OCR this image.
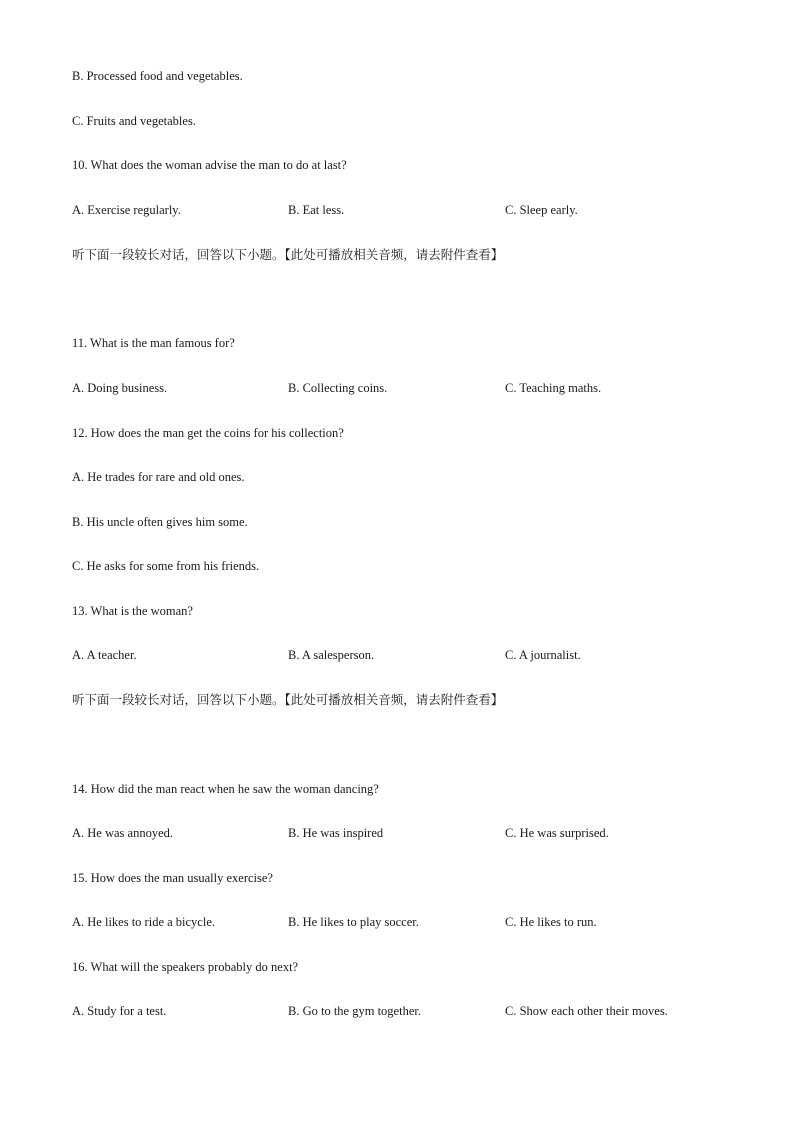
B. Processed food and vegetables.
C. Fruits and vegetables.
10. What does the woman advise the man to do at last?
A. Exercise regularly.	B. Eat less.	C. Sleep early.
听下面一段较长对话，回答以下小题。【此处可播放相关音频，请去附件查看】
11. What is the man famous for?
A. Doing business.	B. Collecting coins.	C. Teaching maths.
12. How does the man get the coins for his collection?
A. He trades for rare and old ones.
B. His uncle often gives him some.
C. He asks for some from his friends.
13. What is the woman?
A. A teacher.	B. A salesperson.	C. A journalist.
听下面一段较长对话，回答以下小题。【此处可播放相关音频，请去附件查看】
14. How did the man react when he saw the woman dancing?
A. He was annoyed.	B. He was inspired	C. He was surprised.
15. How does the man usually exercise?
A. He likes to ride a bicycle.	B. He likes to play soccer.	C. He likes to run.
16. What will the speakers probably do next?
A. Study for a test.	B. Go to the gym together.	C. Show each other their moves.
